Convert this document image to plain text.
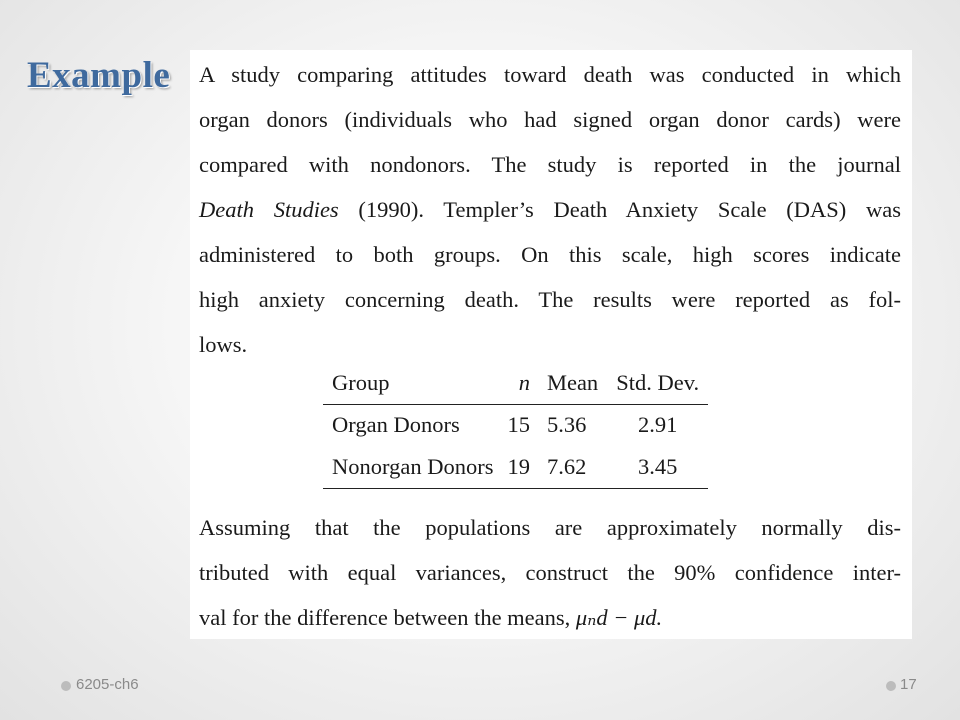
Example A study comparing attitudes toward death was conducted in which
organ donors (individuals who had signed organ donor cards) were
compared with nondonors. The study is reported in the journal
Death Studies (1990). Templer’s Death Anxiety Scale (DAS) was
administered to both groups. On this scale, high scores indicate
high anxiety concerning death. The results were reported as fol-
lows.
Group	n	Mean	Std. Dev.
Organ Donors	15	5.36	2.91
Nonorgan Donors	19	7.62	3.45
Assuming that the populations are approximately normally dis-
tributed with equal variances, construct the 90% confidence inter-
val for the difference between the means, μₙd − μd.
6205-ch6	17
